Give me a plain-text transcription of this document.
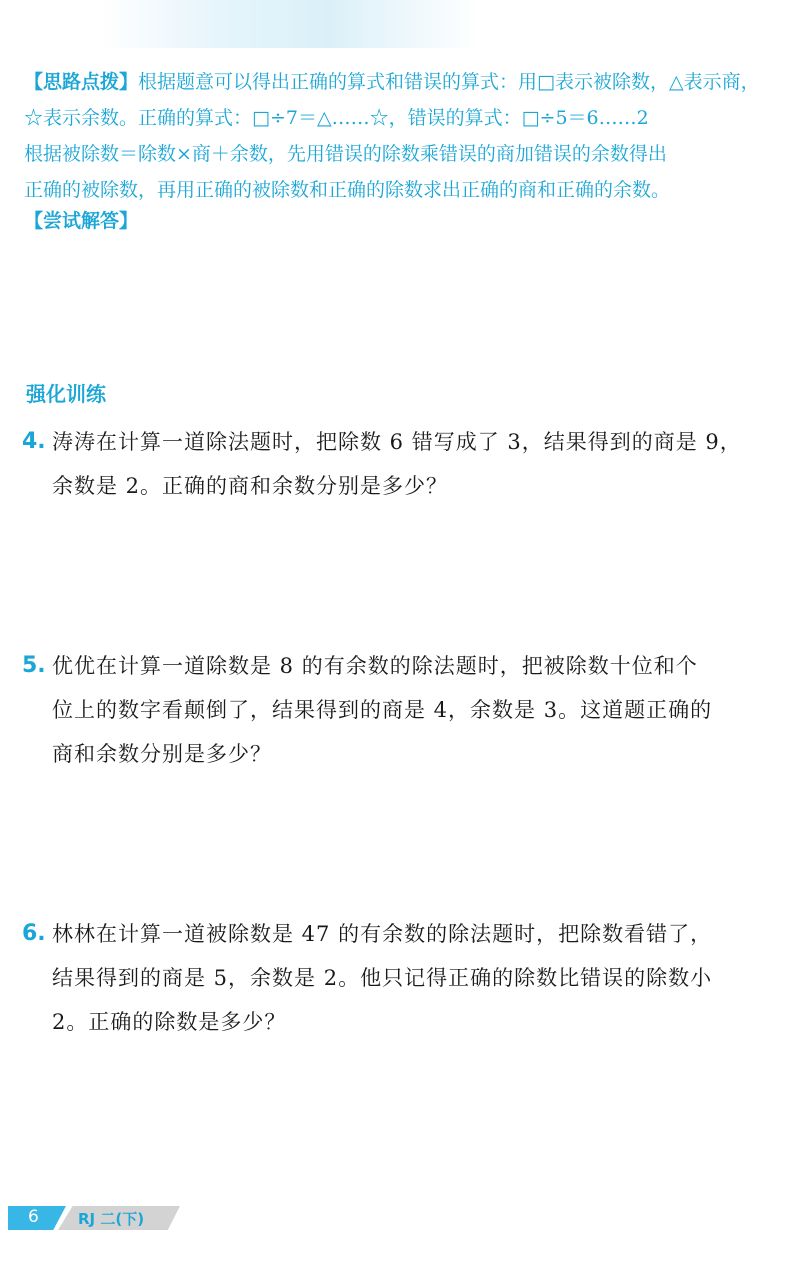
【思路点拨】根据题意可以得出正确的算式和错误的算式：用□表示被除数，△表示商，

☆表示余数。正确的算式：□÷7＝△……☆，错误的算式：□÷5＝6……2

根据被除数＝除数×商＋余数，先用错误的除数乘错误的商加错误的余数得出

正确的被除数，再用正确的被除数和正确的除数求出正确的商和正确的余数。

【尝试解答】
强化训练
4. 涛涛在计算一道除法题时，把除数 6 错写成了 3，结果得到的商是 9，

余数是 2。正确的商和余数分别是多少？

5. 优优在计算一道除数是 8 的有余数的除法题时，把被除数十位和个

位上的数字看颠倒了，结果得到的商是 4，余数是 3。这道题正确的

商和余数分别是多少？

6. 林林在计算一道被除数是 47 的有余数的除法题时，把除数看错了，

结果得到的商是 5，余数是 2。他只记得正确的除数比错误的除数小

2。正确的除数是多少？

6	RJ 二(下)
